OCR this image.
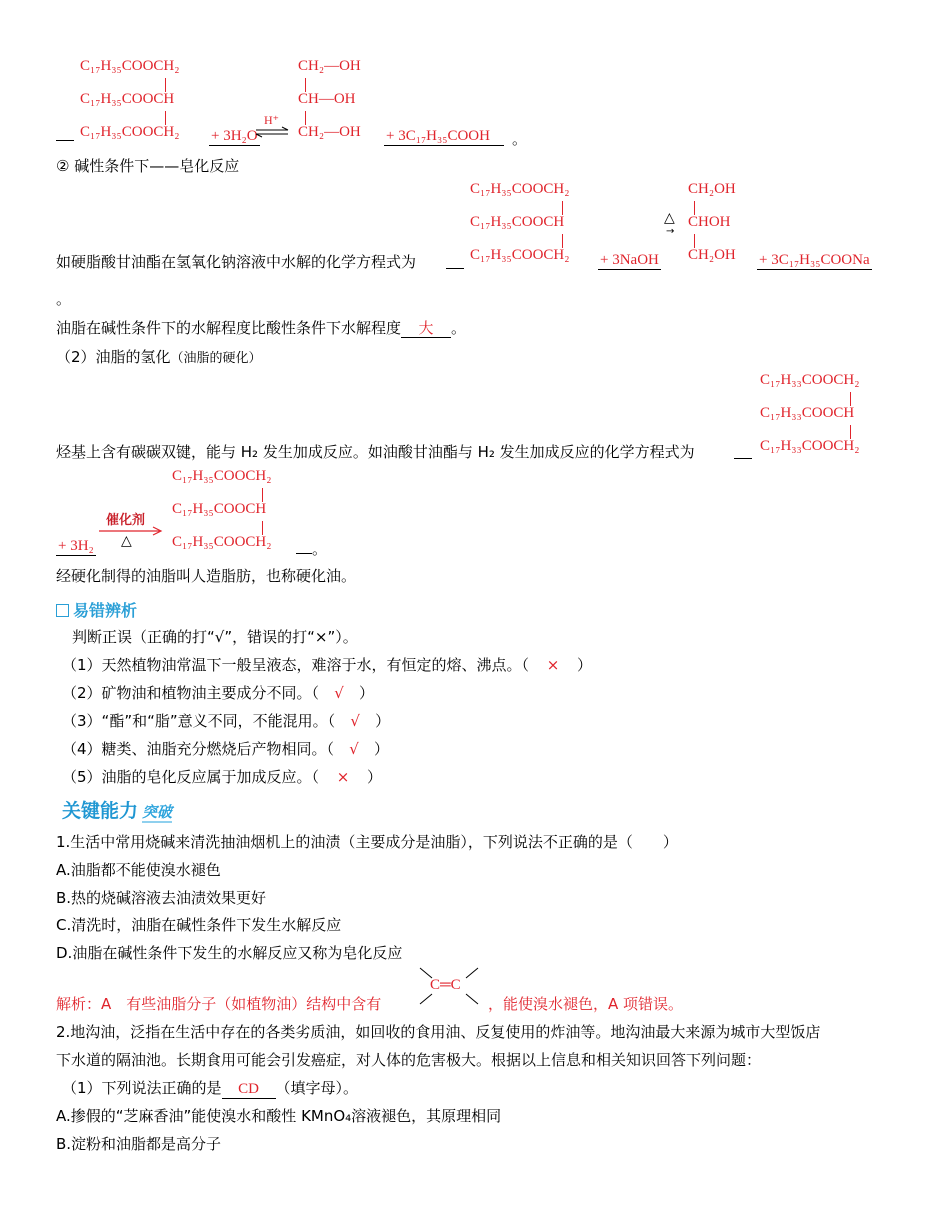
C₁₇H₃₅COOCH₂
C₁₇H₃₅COOCH
C₁₇H₃₅COOCH₂ + 3H₂O
H⁺
CH₂—OH
CH—OH
CH₂—OH + 3C₁₇H₃₅COOH	。
② 碱性条件下——皂化反应
C₁₇H₃₅COOCH₂
C₁₇H₃₅COOCH
C₁₇H₃₅COOCH₂
如硬脂酸甘油酯在氢氧化钠溶液中水解的化学方程式为	+ 3NaOH
△
→
CH₂OH
CHOH
CH₂OH + 3C₁₇H₃₅COONa
。
油脂在碱性条件下的水解程度比酸性条件下水解程度 大 。
（2）油脂的氢化（油脂的硬化）
C₁₇H₃₃COOCH₂
C₁₇H₃₃COOCH
C₁₇H₃₃COOCH₂
烃基上含有碳碳双键，能与 H₂ 发生加成反应。如油酸甘油酯与 H₂ 发生加成反应的化学方程式为
C₁₇H₃₅COOCH₂
C₁₇H₃₅COOCH
C₁₇H₃₅COOCH₂
+ 3H₂
催化剂
△	。
经硬化制得的油脂叫人造脂肪，也称硬化油。
易错辨析
判断正误（正确的打“√”，错误的打“×”）。
（1）天然植物油常温下一般呈液态，难溶于水，有恒定的熔、沸点。（ × ）
（2）矿物油和植物油主要成分不同。（ √ ）
（3）“酯”和“脂”意义不同，不能混用。（ √ ）
（4）糖类、油脂充分燃烧后产物相同。（ √ ）
（5）油脂的皂化反应属于加成反应。（ × ）
关键能力 突破
1.生活中常用烧碱来清洗抽油烟机上的油渍（主要成分是油脂），下列说法不正确的是（　　）
A.油脂都不能使溴水褪色
B.热的烧碱溶液去油渍效果更好
C.清洗时，油脂在碱性条件下发生水解反应
D.油脂在碱性条件下发生的水解反应又称为皂化反应
解析：A　有些油脂分子（如植物油）结构中含有
C═C
，能使溴水褪色，A 项错误。
2.地沟油，泛指在生活中存在的各类劣质油，如回收的食用油、反复使用的炸油等。地沟油最大来源为城市大型饭店
下水道的隔油池。长期食用可能会引发癌症，对人体的危害极大。根据以上信息和相关知识回答下列问题：
（1）下列说法正确的是 CD （填字母）。
A.掺假的“芝麻香油”能使溴水和酸性 KMnO₄溶液褪色，其原理相同
B.淀粉和油脂都是高分子
